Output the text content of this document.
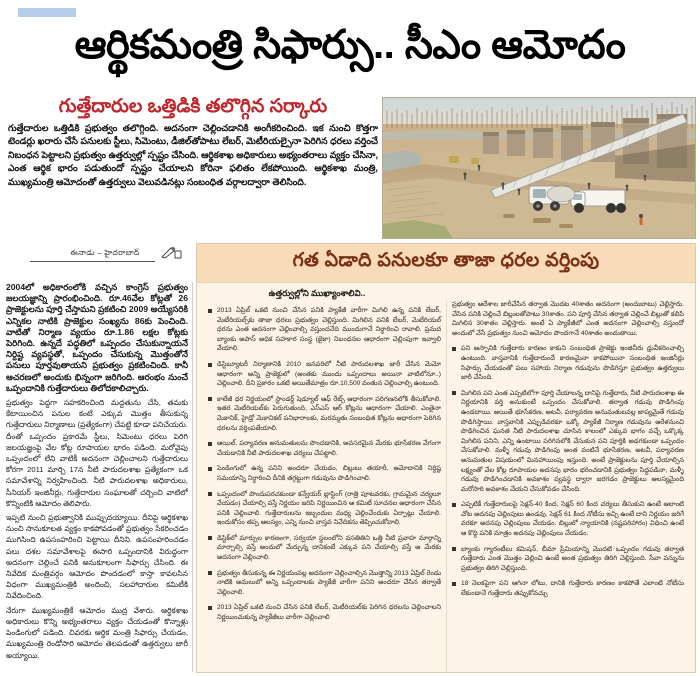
ఆర్థికమంత్రి సిఫార్సు.. సీఎం ఆమోదం
గుత్తేదారుల ఒత్తిడికి తలొగ్గిన సర్కారు
గుత్తేదారుల ఒత్తిడికి ప్రభుత్వం తలొగ్గింది. అదనంగా చెల్లించడానికి అంగీకరించింది. ఇక నుంచి కొత్తగా టెండర్లు ఖరారు చేసే పనులకు స్టీలు, సిమెంటు, డీజిల్‌తోపాటు లేబర్, మెటీరియల్సైనా పెరిగిన ధరలు వర్తించే నిబంధన పెట్టాలని ప్రభుత్వం ఉత్తర్వుల్లో స్పష్టం చేసింది. ఆర్థికశాఖ అధికారులు అభ్యంతరాలు వ్యక్తం చేసినా, ఎంత ఆర్థిక భారం పడుతుందో స్పష్టం చేయాలని కోరినా ఫలితం లేకపోయింది. ఆర్థికశాఖ మంత్రి, ముఖ్యమంత్రి ఆమోదంతో ఉత్తర్వులు వెలువడినట్లు సంబంధిత వర్గాలద్వారా తెలిసింది.
ఈనాడు – హైదరాబాద్

2004లో అధికారంలోకి వచ్చిన కాంగ్రెస్ ప్రభుత్వం జలయజ్ఞాన్ని ప్రారంభించింది. రూ.46వేల కోట్లతో 26 ప్రాజెక్టులను పూర్తి చేస్తామని ప్రకటించి 2009 అయ్యేసరికి ఎన్నికల నాటికి ప్రాజెక్టుల సంఖ్యను 86కు పెంచింది. వాటితో నిర్మాణ వ్యయం రూ.1.86 లక్షల కోట్లకు పెరిగింది. ఉన్నదే పద్ధతిలో ఒప్పందం చేసుకున్నాయనే నిర్దిష్ట వ్యవస్థతో, ఒప్పందం చేసుకున్న మొత్తంతోనే పనులు పూర్తవుతాయని ప్రభుత్వం ప్రకటించింది. కానీ ఆచరణలో అందుకు భిన్నంగా జరిగింది. ఆరంభం నుంచే ఒప్పందానికి గుత్తేదారులు తిలోదకాలిచ్చారు.

ప్రభుత్వం పెద్దగా సహకరించింది మద్దతును చేసి, తమకు కేటాయించిన పనుల కంటే ఎక్కువ మొత్తం తీసుకున్న గుత్తేదారులు నిర్మాణాలు (ప్రత్యేకంగా) చేపట్టి కూడా పనిచేయరు. దీంతో ఒప్పందం ప్రకారమే స్టీలు, సిమెంటు ధరలు పెరిగి జలయజ్ఞంపై వేల కోట్ల రూపాయల భారం పడింది. మరోవైపు ఒప్పందంలో లేని వాటికీ అదనంగా చెల్లించాలని గుత్తేదారులు కోరగా 2011 మార్చి 17న నీటి పారుదలశాఖ ప్రత్యేకంగా ఒక సమావేశాన్ని నిర్వహించింది. నీటి పారుదలశాఖ అధికారులు, సీనియర్ ఇంజినీర్లు, గుత్తేదారుల సంఘాలతో చర్చించి వాటిలో కొన్నింటికి ఆమోదం తెలిపారు.

ఇప్పటి నుంచి ప్రభుత్వానికి ముప్పుదయ్యాయి. దీనిపై ఆర్థికశాఖ నుంచి సానుకూలత వ్యక్తం కాకపోవడంతో ప్రభుత్వం సేకరించడం ముగిసింది ఉపసంహరించి పెట్టాయి దీనిని. ఉపసంహరించడం పలు దశల సమావేశాలపై ఈసారి ఒప్పందానికి విరుద్ధంగా అదనంగా చెల్లించే పనికి అనుకూలంగా సిఫార్సు చేసింది. ఈ నివేదిక మంత్రివర్గం ఆమోదం పొందడంలో కాస్తా కావలసిన విధంగా ముఖ్యమంత్రికి అందించి, సలహాదారుల కమిటీకి నివేదించింది.

నేరుగా ముఖ్యమంత్రికే ఆమోదం ముద్ర వేశారు. ఆర్థికశాఖ అధికారులు కొన్ని అభ్యంతరాలు వ్యక్తం చేయడంతో కొన్నాళ్లు పెండింగులో పడింది. చివరకు ఆర్థిక మంత్రి సిఫార్సు చేయడం, ముఖ్యమంత్రి రెండోసారి ఆమోదం తెలపడంతో ఉత్తర్వులు జారీ అయ్యాయి.

గత ఏడాది పనులకూ తాజా ధరల వర్తింపు
ఉత్తర్వుల్లోని ముఖ్యాంశాలివి..
2013 ఏప్రిల్ ఒకటి నుంచి చేసిన పనికి ప్యాకేజీ వారీగా మిగిలి ఉన్న పనికి లేబర్, మెటీరియల్స్‌కు తాజా ధరలు ప్రభుత్వం చెల్లిస్తుంది. మిగిలిన పనికి లేబర్, మెటీరియల్ ధరను ఎంత అదనంగా చెల్లించాల్సి వస్తుందనేది ముందుగానే నిర్ధారించి రావాలి. ప్రమద బ్యాంకు అపాస్ అధిక సహకార సంస్థ (జైకా) నిబంధనల ఆధారంగా చెల్లింపుగా ఇవ్వాలి వేయాలి.
డిస్టిబ్యూటరీ నిర్మాణానికి 2010 జనవరిలో నీటి పారుదలశాఖ జారీ చేసిన మెమో ఆధారంగా అన్ని ప్రాజెక్టులో (అంతకు ముందు ఒప్పందాలు అయినా వాటిలోనూ..) చెల్లించాలి. దీని ప్రకారం ఒకటి అయితేమాత్రం రూ.10,500 వంతున చెల్లించాల్సి ఉంటుంది.
కాలేజీ ధర నిర్ణయంలో స్టాండర్డ్ షెడ్యూల్ ఆఫ్ రేట్స్ ఆధారంగా పరిగణనలోకి తీసుకోవాలి. ఇతర మెటీరియల్‌కు పెరుగుతుంది, ఎస్ఎస్ ఆర్ కోట్లను ఆధారంగా చేయాలి. ఎంతైనా మెకానిక్, హైడ్రో మెకానికల్ పనిభారాలకు, మరమ్మతు సంబంధిత కోట్లను ఆధారంగా పెరిగిన ధరలను వర్తింపజేయాలి.
ఆయిల్, పర్యావరణ అనుమతులను పొందడానికి, అవసరమైన మేరకు భూసేకరణ వేగంగా చేయడానికి నీటి పారుదలశాఖ చర్యలు చేపట్టాలి.
పెండింగులో ఉన్న పనిని అందరూ చేయడం, బిల్లులు తయారీ, ఆమోదానికి నిర్దిష్ట సమయాన్ని నిర్ధారించి దీనికి తగ్గట్టుగా గడువును పొడిగించాలి.
ఒప్పందంలో పొందుపరచకుండా కన్వేయర్ బ్లాస్టింగ్ (రాత్రి పూటవరకు, గ్రామమైన చర్యలూ వేయడం) చేయాల్సి వస్తే నిర్ణయం జరిపి నిర్ణయించిన ఆ కమిటీ సూచనల ఆధారంగా చేసిన పనికి చెల్లించాలి. గుత్తేదారులను ఇబ్బందుల మధ్య చెల్లించేందుకు ఏర్పాట్లు చేయాలి. ఇందుకోసం తప్ప ఆలస్యం, ఎన్ని నుంచి వాస్తవ నివేదికను తెప్పించుకోవాలి.
డిస్టిక్‌లో మార్పుల కారణంగా, సర్వయా స్థలంలోని వసతితిని ఒత్తి నీటి ప్రవాహ మార్గాన్ని మార్చాల్సి వస్తే అందులో మేర్పున్న దానికంటే ఎక్కువ పని చేయాల్సి వస్తే ఆ మేరకు అదనంగా చెల్లించాలి.
ప్రభుత్వం తీసుకున్న ఈ నిర్ణయంవల్ల అదనంగా చెల్లించాల్సిన మొత్తాన్ని 2013 ఏప్రిల్ రెండు నాటికి అమలులో అన్ని ఒప్పందాలకు ప్యాకేజీ వారీగా పనిని అందరూ చేసిన తర్వాతే చెల్లించాలి.
2013 ఏప్రిల్ ఒకటి నుంచి చేసిన పనికి లేబర్, మెటీరియల్‌కు పెరిగిన ధరలను చెల్లించాలని నిర్ణయించుకున్న ప్యాకేజీలు వారీగా చెల్లించాలి
ప్రభుత్వం ఆదేశాల జారీచేసిన తర్వాత మొదట 40శాతం అదనంగా (అందుబాటు) చెల్లిస్తారు. చేసిన పనికి చెల్లించే బిల్లులతోపాటు 30శాతం. పని పూర్తి చేసిన తర్వాత చెల్లించే బిల్లుతో కలిపి మిగిలిన 30శాతం చెల్లిస్తారు. అంటే ఏ ప్యాకేజీలో ఎంత అదనంగా చెల్లించాల్సి వస్తుందో అందులో వేసే ప్రభుత్వం నుంచి ఆమోదం పొందగానే 40శాతం అందుతాయి.
పని ఆస్పానికి గుత్తేదారు కారణం కాకుని సంబంధిత ప్రాజెక్టు ఇంజినీరు ధ్రువీకరించాల్సి ఉంటుంది. వాస్తవానికి గుత్తేదారుందే కారణమైనా కాకపోయినా సంబంధిత ఇంజినీర్లు సిఫార్సు చేయడంతో పలు సహాయ నిర్మాణ గడువును పొడిగిస్తూ ప్రభుత్వం ఉత్తర్వులు జారీ చేసింది.
మిగిలిన పని ఎంత ఎప్పటిలోగా పూర్తి చేయాలన్న దానిపై గుత్తేదారు, నీటి పారుదలశాఖ ఈ నిర్ణయానికి వర్తి అనుకుంటే ఒప్పందం చేసుకోవాలి. తర్వాత గడువు పొడిగింపు ఉండదాయి. అయితే భూసేకరణ, అటవీ, పర్యావరణ అనుమతులవల్ల జాప్యమైతే గడువు పొడిగిస్తాయి. వాస్తవానికి ఎప్పుడివరకూ ఒక్కో ప్యాకేజీ నిర్మాణ గడువును ఆరేళనుంచి పొడిగించిన ఘనత నీటి పారుదలశాఖ చూసిన కాలంలో ఎక్కువ భాగం వచ్చే ఒక్కొక్క మిగిలిన పనిని, ఎన్ని ఉంటాయి పరిగిన‌లోకి చేసుకున పని పూర్తికి అడగకుండా ఒప్పందం చేసుకోవాలి. మళ్ళీ గడువు పొడిగింపు అంత వంటినే భూసేకరణ, అటవీ, పర్యావరణ అనుమతుల విషయంలో మినహాయింపు ఇస్తుంది. అంటే ప్రాజెక్టులను పూర్తి చేయాల్సిన లక్ష్యంతో వేల కోట్ల రూపాయల అదనపు భారం భరించడానికి ప్రభుత్వం సిద్ధపడినా, మళ్ళీ గడువు పొడిగించడానికి అవకాశం వ్యవస్థ ద్వారా జరగడం ప్రాజెక్టులు ఆలస్యమైంది మరోసారి అవకాశం చేయని చేసుకోవడం చేసింది.
ఎప్పటికీ గుత్తేదారులపై సెక్షన్-40 కింద, సెక్షన్ 60 కింద చర్యలు తీసుకుని ఉంటే ఆలాంటి చోట అదనపు చెల్లింపులు ఉండవు. సెక్షన్ 61 కింద నోటీసు ఇచ్చి ఉంటే దాని నిర్ణయం జరిగే వరకూ అదనపు చెల్లింపులు చేయడం. బిల్లులో న్యాయానికి (నష్టపరిహారం) విధించి ఉంటే ఆ కొద్ది పనికి మాత్రం అదనపు చెల్లింపులు చేయడం.
బ్యాంకు గ్యారంటీలు కమిషన్, బీమా ప్రీమియాన్ని మొదటి ఒప్పందం గడువు తర్వాత గుత్తేదారు ఎంత మొత్తం చెల్లించి ఉంటే అంత ప్రభుత్వం తిరిగి చెల్లిస్తుంది. సేవా పన్నును ప్రభుత్వం తిరిగి చెల్లిస్తుంది.
18 నెలకపైగా పని ఆగినా లోటు, దానికి గుత్తేదారు కారణం కాకపోతే ఎలాంటి నోటీసు లేకుండానే గుత్తేదారు తప్పుకోవచ్చు
